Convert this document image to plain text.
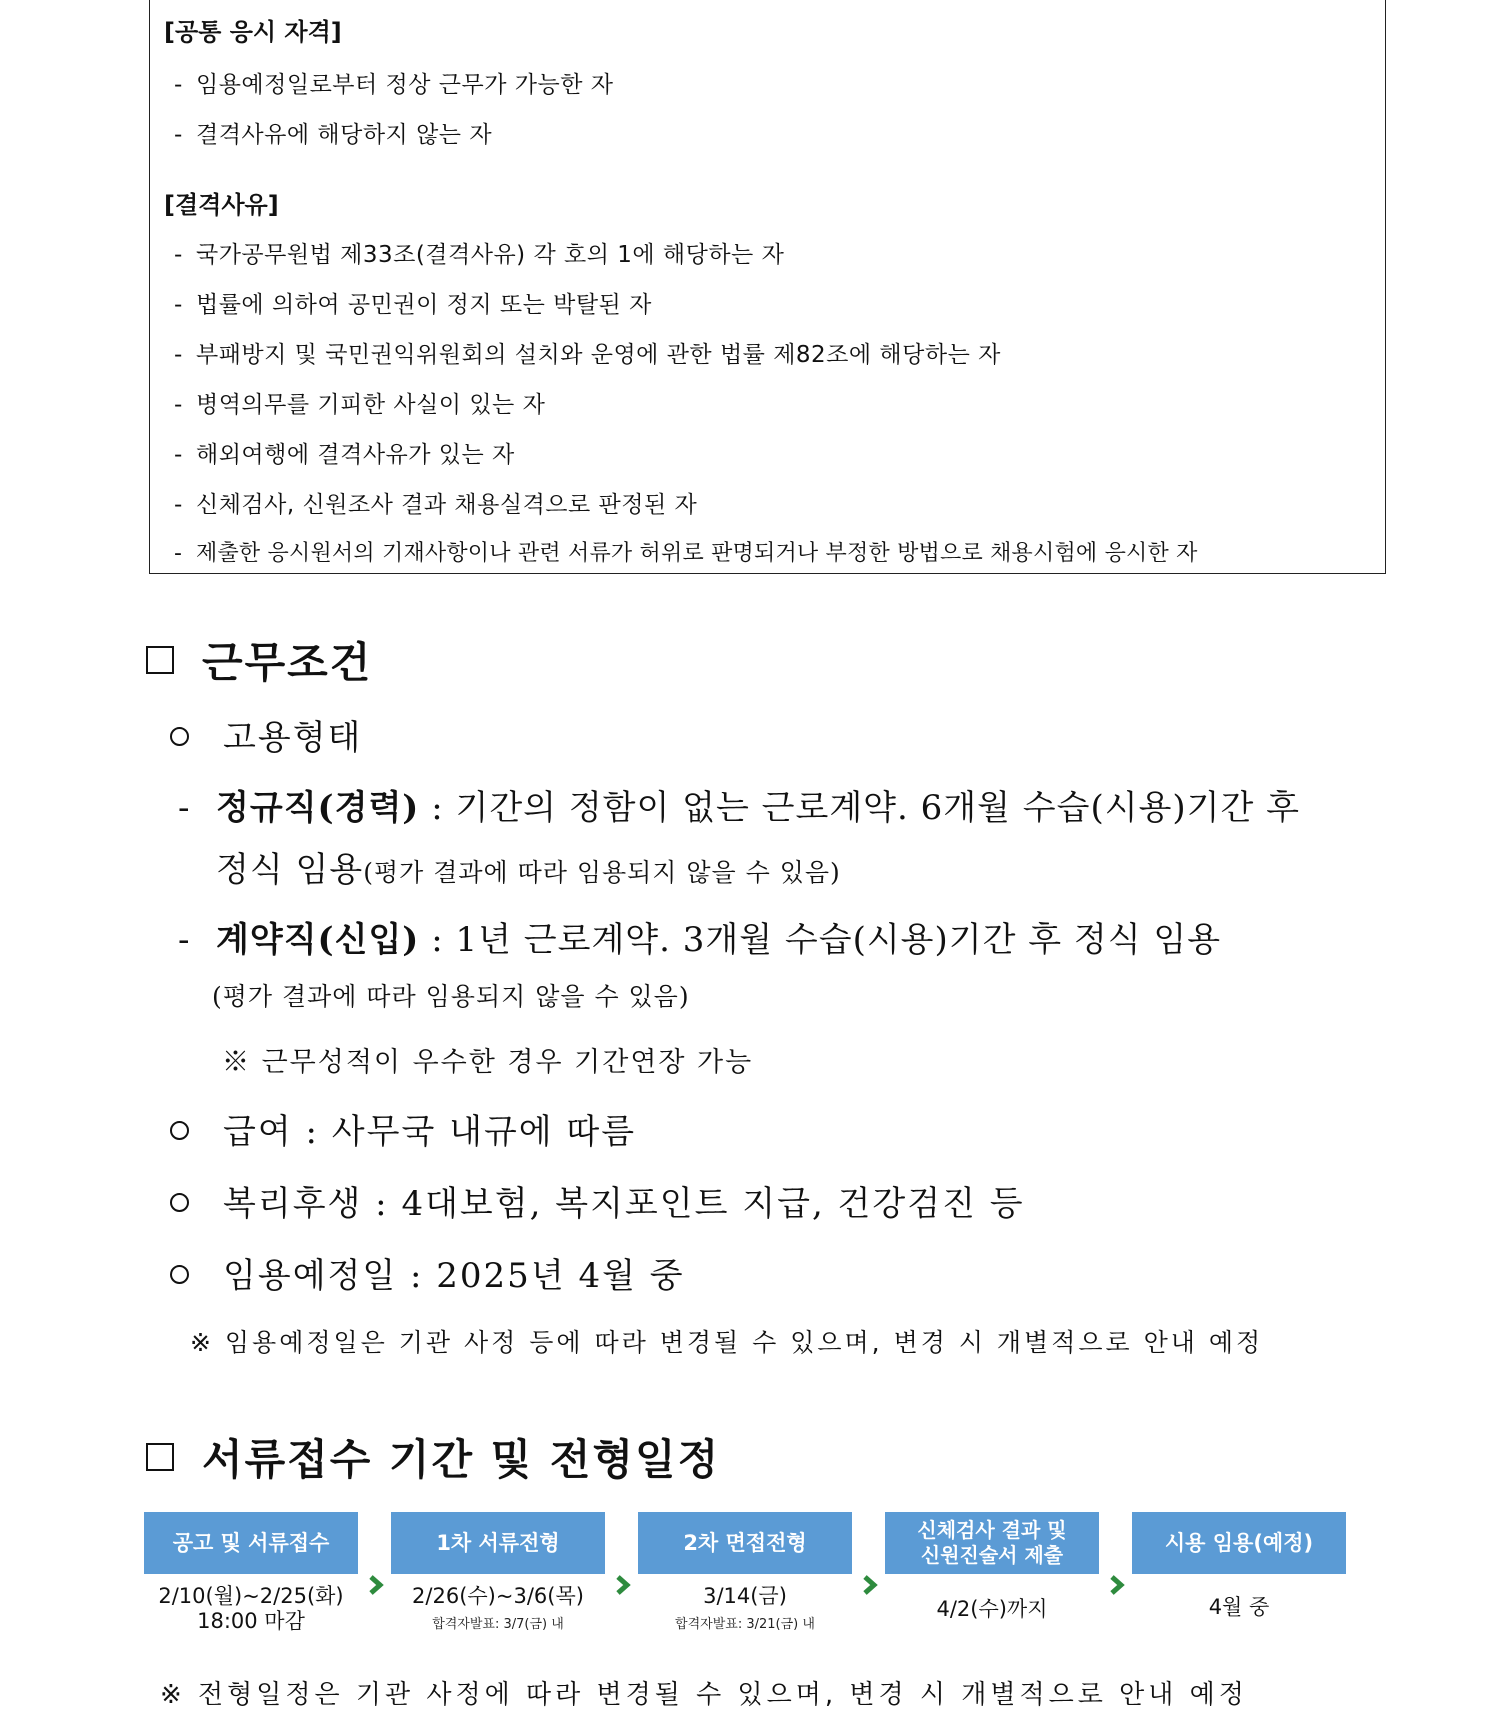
[공통 응시 자격]
- 임용예정일로부터 정상 근무가 가능한 자
- 결격사유에 해당하지 않는 자
[결격사유]
- 국가공무원법 제33조(결격사유) 각 호의 1에 해당하는 자
- 법률에 의하여 공민권이 정지 또는 박탈된 자
- 부패방지 및 국민권익위원회의 설치와 운영에 관한 법률 제82조에 해당하는 자
- 병역의무를 기피한 사실이 있는 자
- 해외여행에 결격사유가 있는 자
- 신체검사, 신원조사 결과 채용실격으로 판정된 자
- 제출한 응시원서의 기재사항이나 관련 서류가 허위로 판명되거나 부정한 방법으로 채용시험에 응시한 자
근무조건
고용형태
- 정규직(경력) : 기간의 정함이 없는 근로계약. 6개월 수습(시용)기간 후
정식 임용(평가 결과에 따라 임용되지 않을 수 있음)
- 계약직(신입) : 1년 근로계약. 3개월 수습(시용)기간 후 정식 임용
(평가 결과에 따라 임용되지 않을 수 있음)
※ 근무성적이 우수한 경우 기간연장 가능
급여 : 사무국 내규에 따름
복리후생 : 4대보험, 복지포인트 지급, 건강검진 등
임용예정일 : 2025년 4월 중
※ 임용예정일은 기관 사정 등에 따라 변경될 수 있으며, 변경 시 개별적으로 안내 예정
서류접수 기간 및 전형일정
공고 및 서류접수
2/10(월)~2/25(화)
18:00 마감
1차 서류전형
2/26(수)~3/6(목)
합격자발표: 3/7(금) 내
2차 면접전형
3/14(금)
합격자발표: 3/21(금) 내
신체검사 결과 및
신원진술서 제출
4/2(수)까지
시용 임용(예정)
4월 중
※ 전형일정은 기관 사정에 따라 변경될 수 있으며, 변경 시 개별적으로 안내 예정
